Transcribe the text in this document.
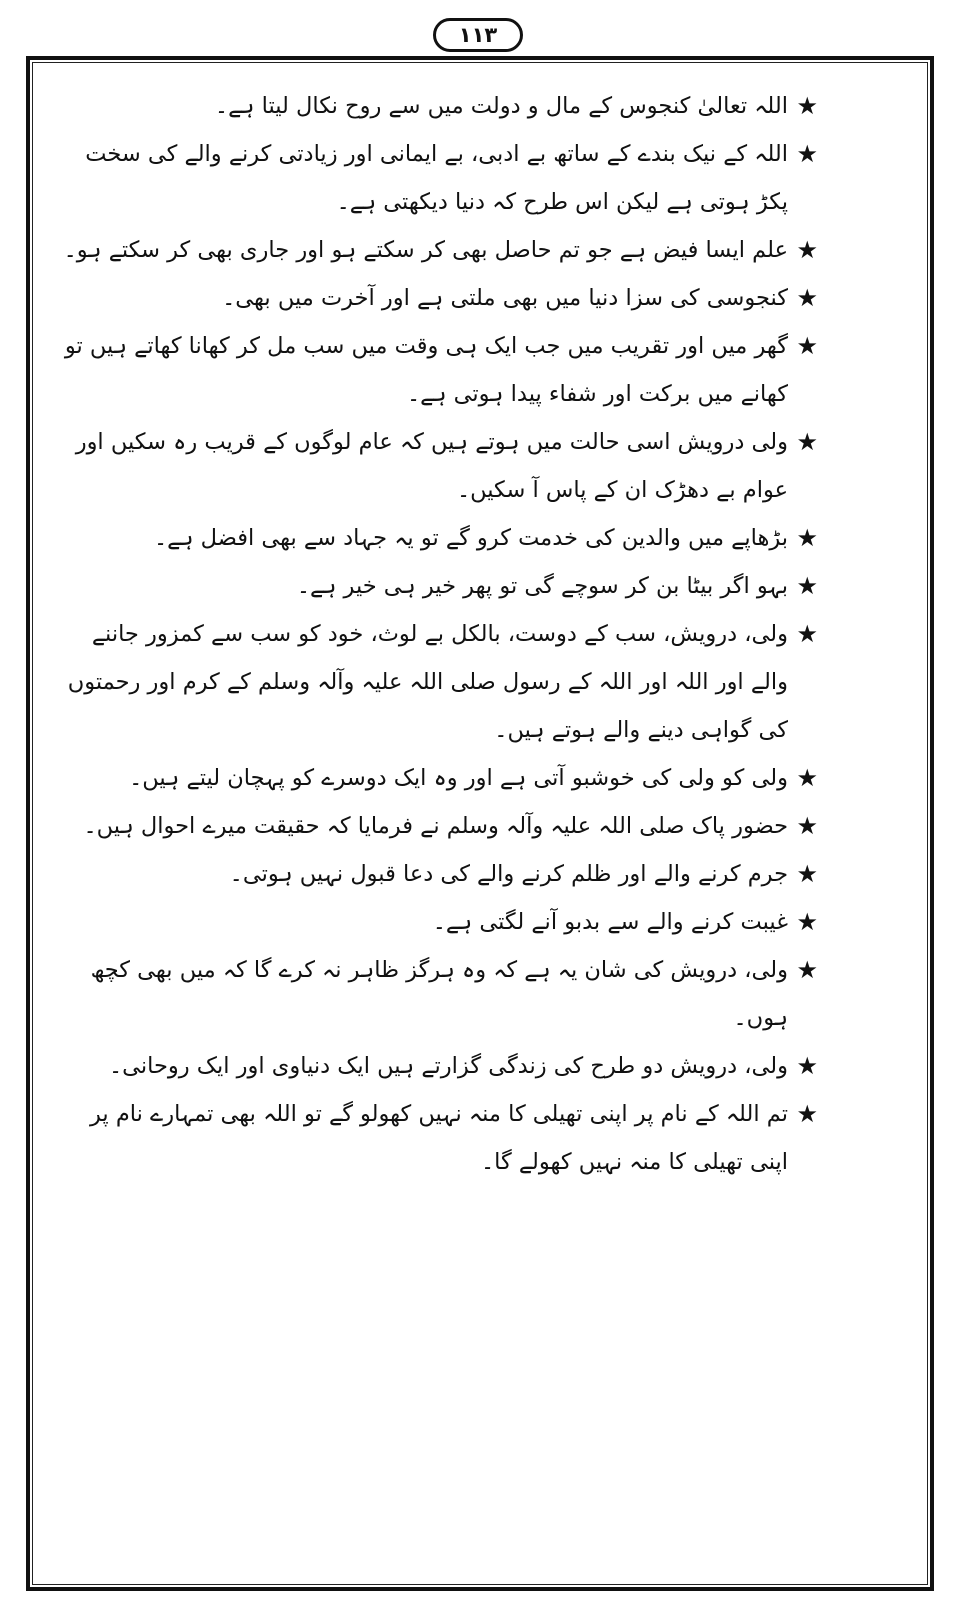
۱۱۳

★
اللہ تعالیٰ کنجوس کے مال و دولت میں سے روح نکال لیتا ہے۔

★
اللہ کے نیک بندے کے ساتھ بے ادبی، بے ایمانی اور زیادتی کرنے والے کی سخت پکڑ ہوتی ہے لیکن اس طرح کہ دنیا دیکھتی ہے۔

★
علم ایسا فیض ہے جو تم حاصل بھی کر سکتے ہو اور جاری بھی کر سکتے ہو۔

★
کنجوسی کی سزا دنیا میں بھی ملتی ہے اور آخرت میں بھی۔

★
گھر میں اور تقریب میں جب ایک ہی وقت میں سب مل کر کھانا کھاتے ہیں تو کھانے میں برکت اور شفاء پیدا ہوتی ہے۔

★
ولی درویش اسی حالت میں ہوتے ہیں کہ عام لوگوں کے قریب رہ سکیں اور عوام بے دھڑک ان کے پاس آ سکیں۔

★
بڑھاپے میں والدین کی خدمت کرو گے تو یہ جہاد سے بھی افضل ہے۔

★
بہو اگر بیٹا بن کر سوچے گی تو پھر خیر ہی خیر ہے۔

★
ولی، درویش، سب کے دوست، بالکل بے لوث، خود کو سب سے کمزور جاننے والے اور اللہ اور اللہ کے رسول صلی اللہ علیہ وآلہ وسلم کے کرم اور رحمتوں کی گواہی دینے والے ہوتے ہیں۔

★
ولی کو ولی کی خوشبو آتی ہے اور وہ ایک دوسرے کو پہچان لیتے ہیں۔

★
حضور پاک صلی اللہ علیہ وآلہ وسلم نے فرمایا کہ حقیقت میرے احوال ہیں۔

★
جرم کرنے والے اور ظلم کرنے والے کی دعا قبول نہیں ہوتی۔

★
غیبت کرنے والے سے بدبو آنے لگتی ہے۔

★
ولی، درویش کی شان یہ ہے کہ وہ ہرگز ظاہر نہ کرے گا کہ میں بھی کچھ ہوں۔

★
ولی، درویش دو طرح کی زندگی گزارتے ہیں ایک دنیاوی اور ایک روحانی۔

★
تم اللہ کے نام پر اپنی تھیلی کا منہ نہیں کھولو گے تو اللہ بھی تمہارے نام پر اپنی تھیلی کا منہ نہیں کھولے گا۔
